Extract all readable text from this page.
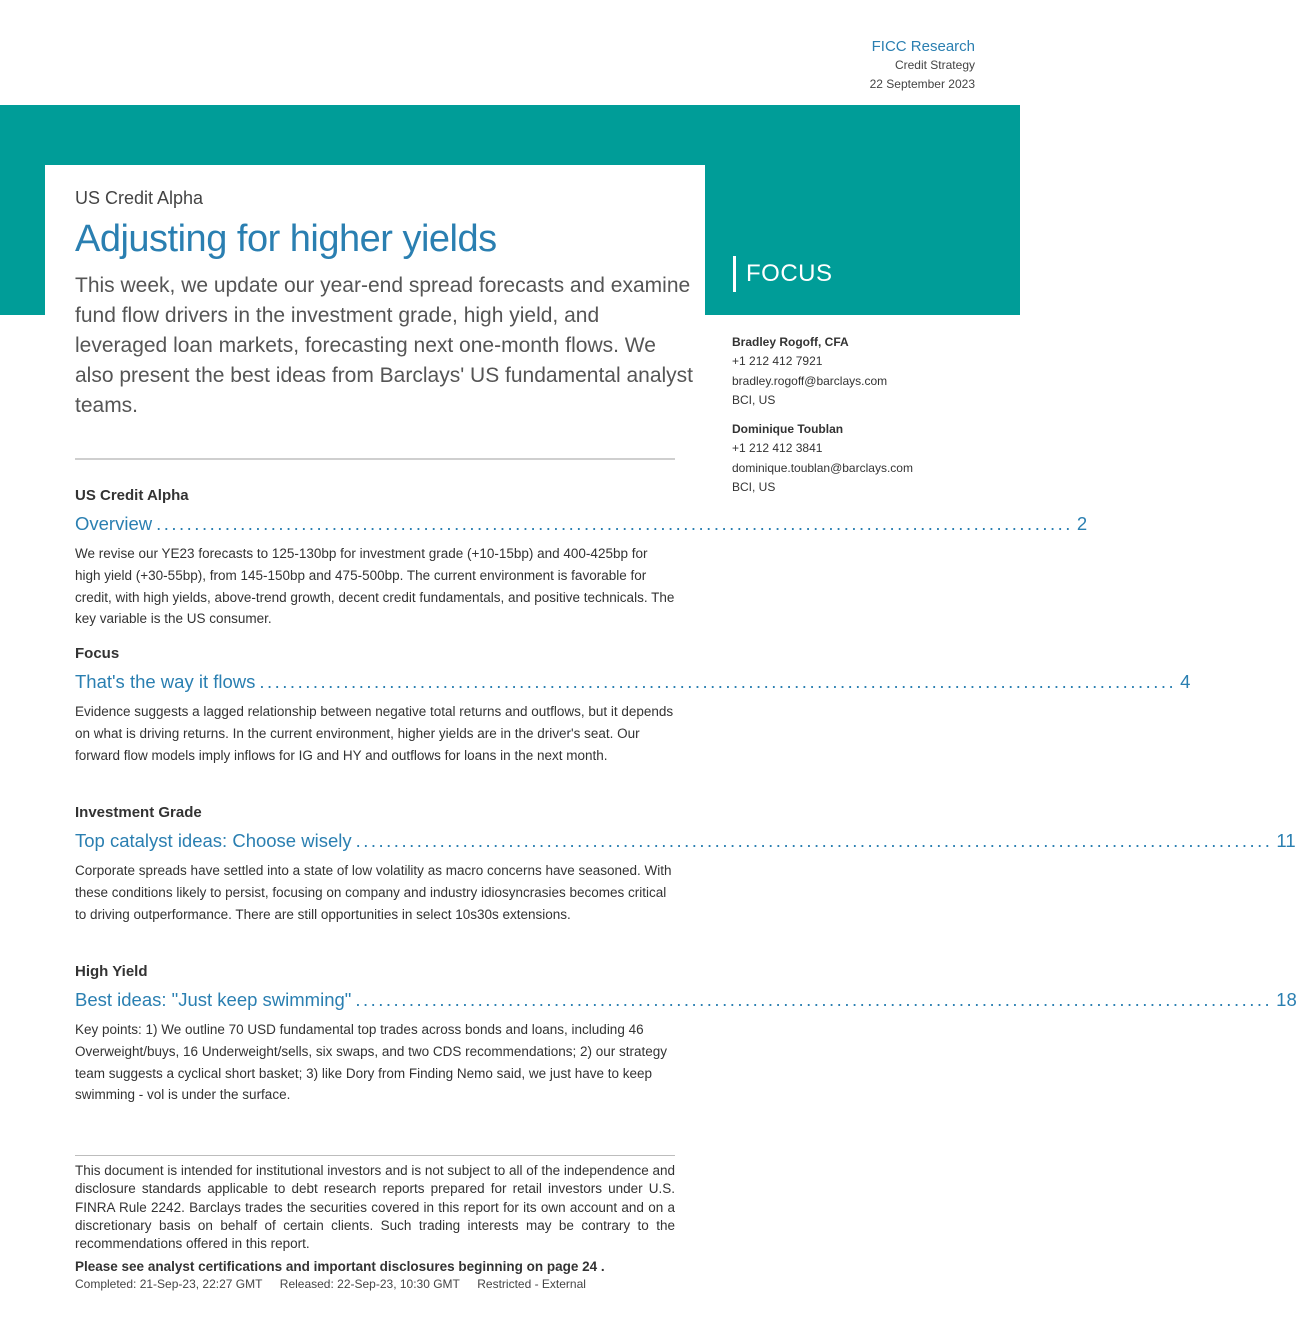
FICC Research
Credit Strategy
22 September 2023
US Credit Alpha
Adjusting for higher yields

This week, we update our year-end spread forecasts and examine fund flow drivers in the investment grade, high yield, and leveraged loan markets, forecasting next one-month flows. We also present the best ideas from Barclays' US fundamental analyst teams.

FOCUS
Bradley Rogoff, CFA
+1 212 412 7921
bradley.rogoff@barclays.com
BCI, US
Dominique Toublan
+1 212 412 3841
dominique.toublan@barclays.com
BCI, US
US Credit Alpha
Overview ........................................................................................................................ 2

We revise our YE23 forecasts to 125-130bp for investment grade (+10-15bp) and 400-425bp for high yield (+30-55bp), from 145-150bp and 475-500bp. The current environment is favorable for credit, with high yields, above-trend growth, decent credit fundamentals, and positive technicals. The key variable is the US consumer.

Focus
That's the way it flows ........................................................................................................................ 4

Evidence suggests a lagged relationship between negative total returns and outflows, but it depends on what is driving returns. In the current environment, higher yields are in the driver's seat. Our forward flow models imply inflows for IG and HY and outflows for loans in the next month.

Investment Grade
Top catalyst ideas: Choose wisely ........................................................................................................................ 11

Corporate spreads have settled into a state of low volatility as macro concerns have seasoned. With these conditions likely to persist, focusing on company and industry idiosyncrasies becomes critical to driving outperformance. There are still opportunities in select 10s30s extensions.

High Yield
Best ideas: "Just keep swimming" ........................................................................................................................ 18

Key points: 1) We outline 70 USD fundamental top trades across bonds and loans, including 46 Overweight/buys, 16 Underweight/sells, six swaps, and two CDS recommendations; 2) our strategy team suggests a cyclical short basket; 3) like Dory from Finding Nemo said, we just have to keep swimming - vol is under the surface.

This document is intended for institutional investors and is not subject to all of the independence and disclosure standards applicable to debt research reports prepared for retail investors under U.S. FINRA Rule 2242. Barclays trades the securities covered in this report for its own account and on a discretionary basis on behalf of certain clients. Such trading interests may be contrary to the recommendations offered in this report.

Please see analyst certifications and important disclosures beginning on page 24 .
Completed: 21-Sep-23, 22:27 GMT Released: 22-Sep-23, 10:30 GMT Restricted - External
